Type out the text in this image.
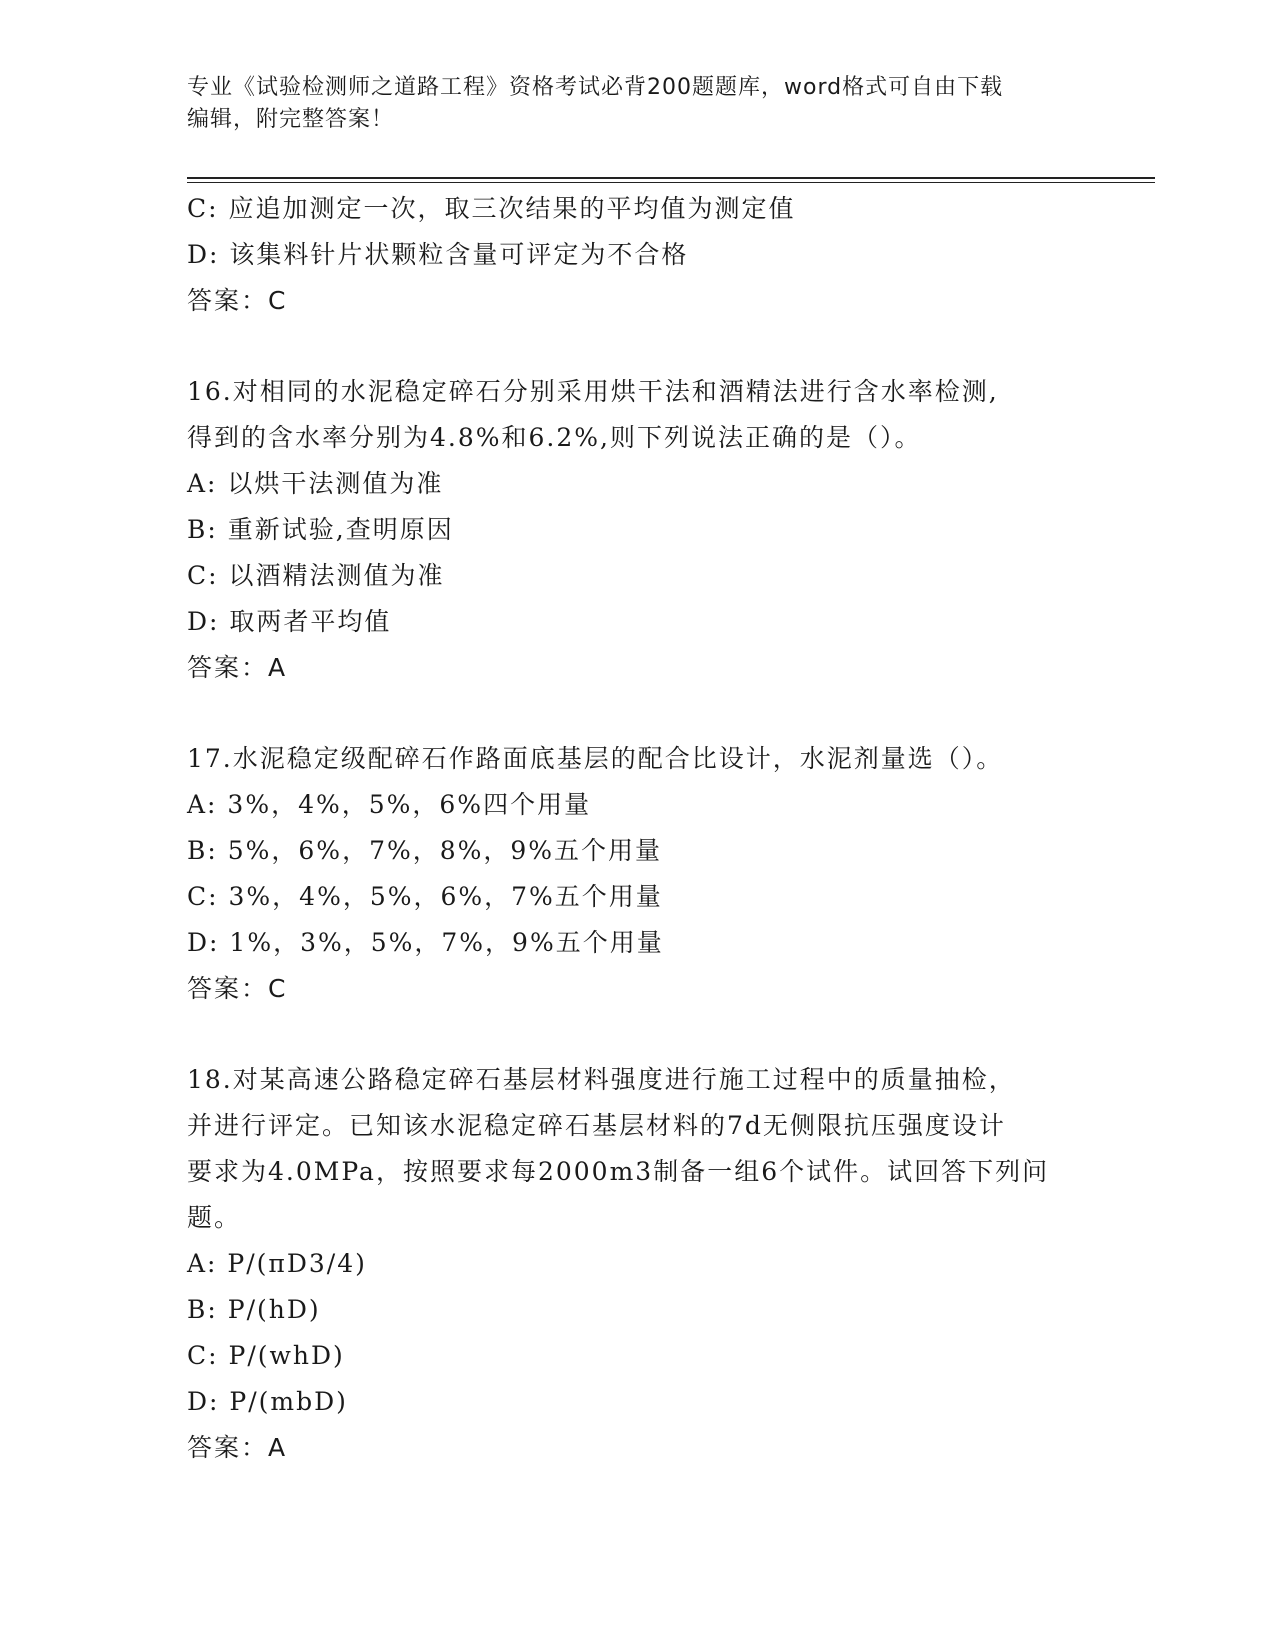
专业《试验检测师之道路工程》资格考试必背200题题库，word格式可自由下载
编辑，附完整答案！
C: 应追加测定一次，取三次结果的平均值为测定值
D: 该集料针片状颗粒含量可评定为不合格
答案：C
16.对相同的水泥稳定碎石分别采用烘干法和酒精法进行含水率检测,
得到的含水率分别为4.8%和6.2%,则下列说法正确的是（）。
A: 以烘干法测值为准
B: 重新试验,查明原因
C: 以酒精法测值为准
D: 取两者平均值
答案：A
17.水泥稳定级配碎石作路面底基层的配合比设计，水泥剂量选（）。
A: 3%，4%，5%，6%四个用量
B: 5%，6%，7%，8%，9%五个用量
C: 3%，4%，5%，6%，7%五个用量
D: 1%，3%，5%，7%，9%五个用量
答案：C
18.对某高速公路稳定碎石基层材料强度进行施工过程中的质量抽检，
并进行评定。已知该水泥稳定碎石基层材料的7d无侧限抗压强度设计
要求为4.0MPa，按照要求每2000m3制备一组6个试件。试回答下列问
题。
A: P/(πD3/4)
B: P/(hD)
C: P/(whD)
D: P/(mbD)
答案：A
